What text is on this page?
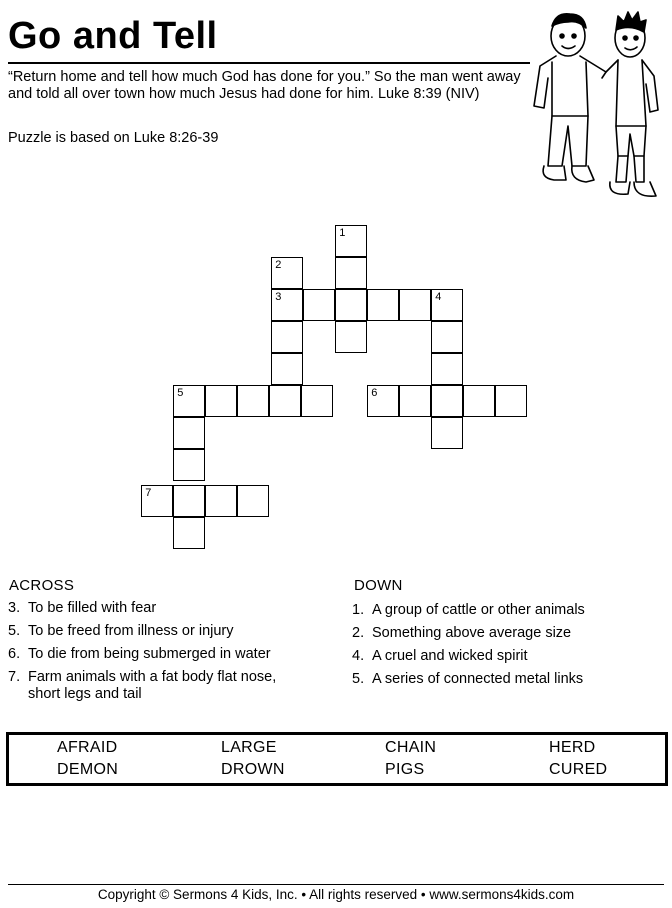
Go and Tell
“Return home and tell how much God has done for you.” So the man went away and told all over town how much Jesus had done for him. Luke 8:39 (NIV)
Puzzle is based on Luke 8:26-39
1
2
3	4
5	6
7
ACROSS
3. To be filled with fear
5. To be freed from illness or injury
6. To die from being submerged in water
7. Farm animals with a fat body flat nose, short legs and tail
DOWN
1. A group of cattle or other animals
2. Something above average size
4. A cruel and wicked spirit
5. A series of connected metal links
AFRAID	LARGE	CHAIN	HERD
DEMON	DROWN	PIGS	CURED
Copyright © Sermons 4 Kids, Inc. • All rights reserved • www.sermons4kids.com
